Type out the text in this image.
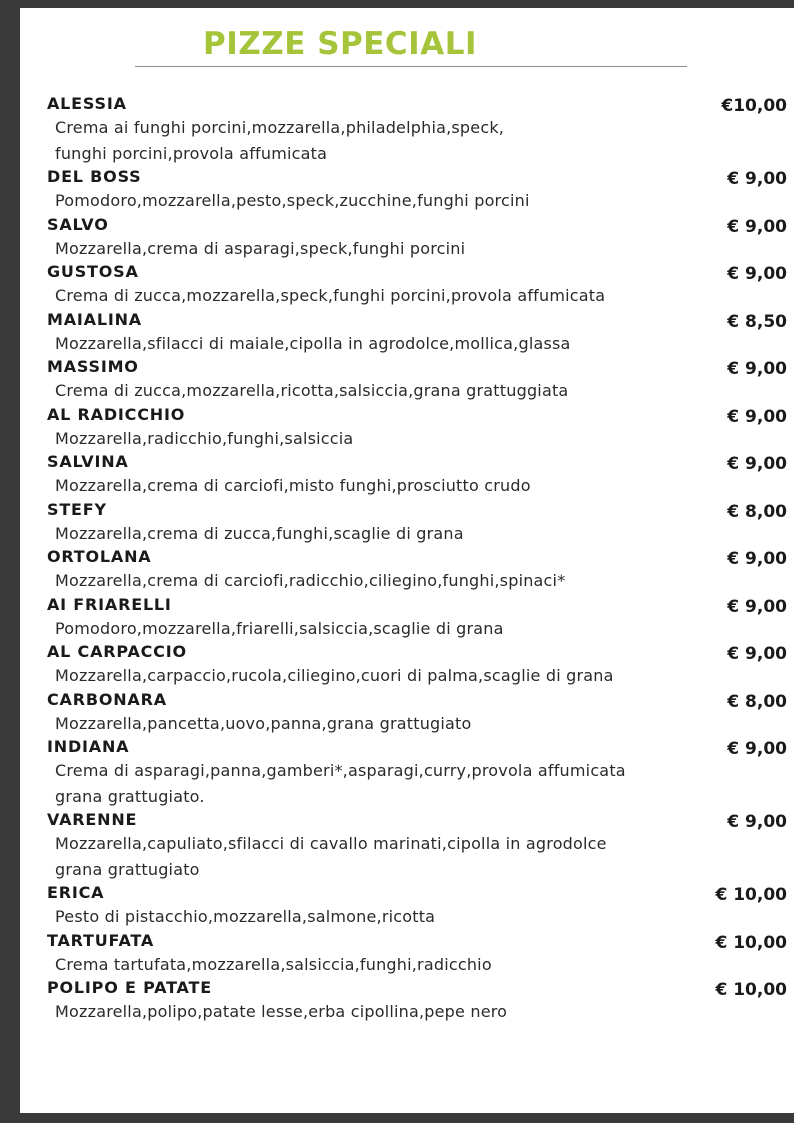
PIZZE SPECIALI
ALESSIA	€10,00
Crema ai funghi porcini,mozzarella,philadelphia,speck,
funghi porcini,provola affumicata
DEL BOSS	€ 9,00
Pomodoro,mozzarella,pesto,speck,zucchine,funghi porcini
SALVO	€ 9,00
Mozzarella,crema di asparagi,speck,funghi porcini
GUSTOSA	€ 9,00
Crema di zucca,mozzarella,speck,funghi porcini,provola affumicata
MAIALINA	€ 8,50
Mozzarella,sfilacci di maiale,cipolla in agrodolce,mollica,glassa
MASSIMO	€ 9,00
Crema di zucca,mozzarella,ricotta,salsiccia,grana grattuggiata
AL RADICCHIO	€ 9,00
Mozzarella,radicchio,funghi,salsiccia
SALVINA	€ 9,00
Mozzarella,crema di carciofi,misto funghi,prosciutto crudo
STEFY	€ 8,00
Mozzarella,crema di zucca,funghi,scaglie di grana
ORTOLANA	€ 9,00
Mozzarella,crema di carciofi,radicchio,ciliegino,funghi,spinaci*
AI FRIARELLI	€ 9,00
Pomodoro,mozzarella,friarelli,salsiccia,scaglie di grana
AL CARPACCIO	€ 9,00
Mozzarella,carpaccio,rucola,ciliegino,cuori di palma,scaglie di grana
CARBONARA	€ 8,00
Mozzarella,pancetta,uovo,panna,grana grattugiato
INDIANA	€ 9,00
Crema di asparagi,panna,gamberi*,asparagi,curry,provola affumicata
grana grattugiato.
VARENNE	€ 9,00
Mozzarella,capuliato,sfilacci di cavallo marinati,cipolla in agrodolce
grana grattugiato
ERICA	€ 10,00
Pesto di pistacchio,mozzarella,salmone,ricotta
TARTUFATA	€ 10,00
Crema tartufata,mozzarella,salsiccia,funghi,radicchio
POLIPO E PATATE	€ 10,00
Mozzarella,polipo,patate lesse,erba cipollina,pepe nero
